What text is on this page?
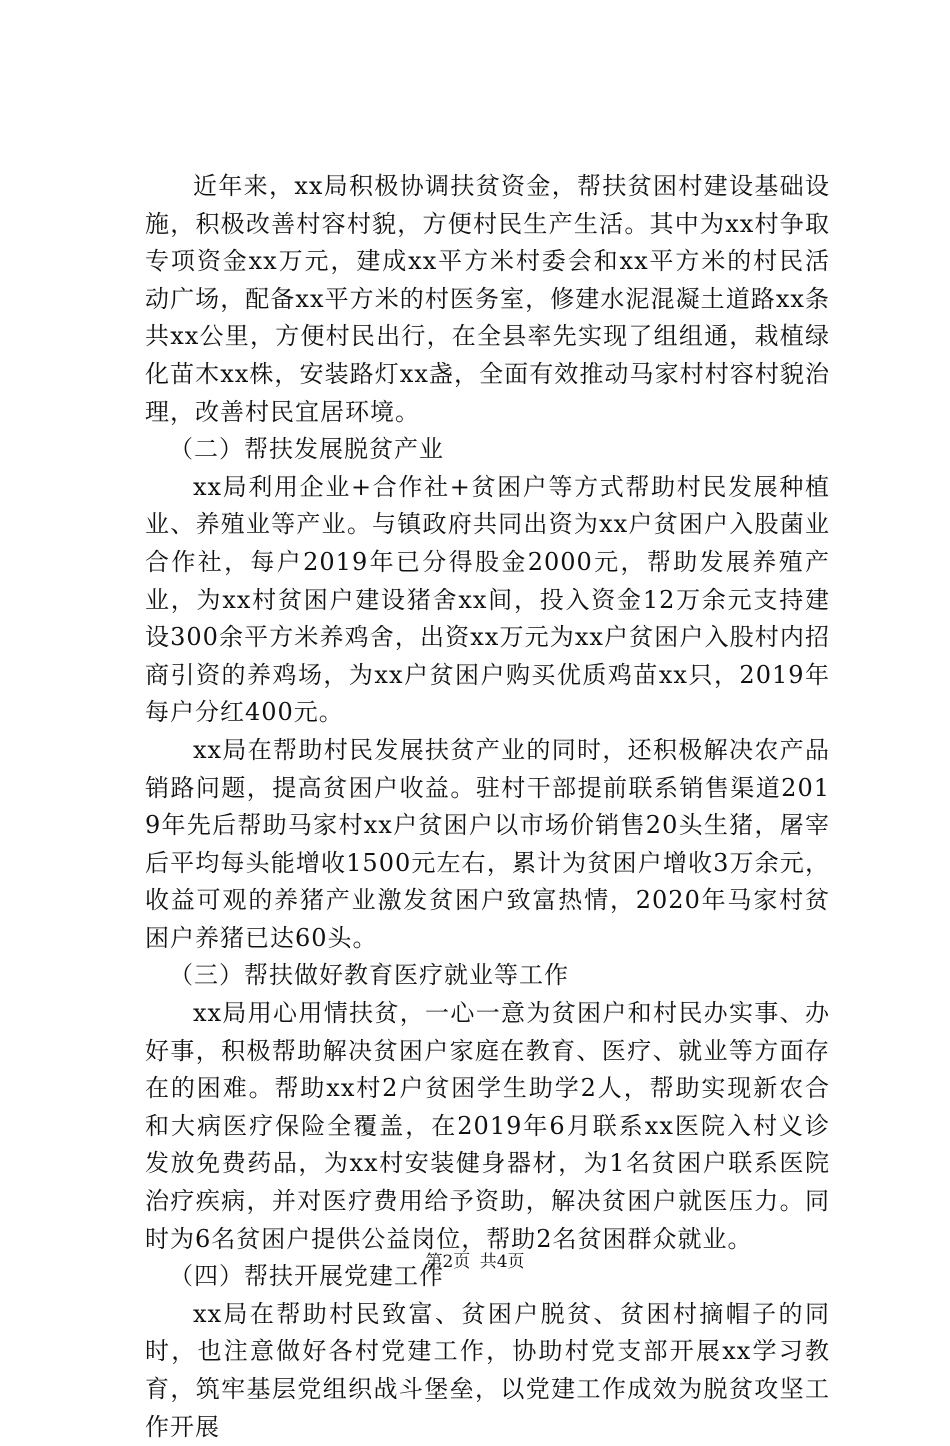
近年来，xx局积极协调扶贫资金，帮扶贫困村建设基础设施，积极改善村容村貌，方便村民生产生活。其中为xx村争取专项资金xx万元，建成xx平方米村委会和xx平方米的村民活动广场，配备xx平方米的村医务室，修建水泥混凝土道路xx条共xx公里，方便村民出行，在全县率先实现了组组通，栽植绿化苗木xx株，安装路灯xx盏，全面有效推动马家村村容村貌治理，改善村民宜居环境。

（二）帮扶发展脱贫产业

xx局利用企业+合作社+贫困户等方式帮助村民发展种植业、养殖业等产业。与镇政府共同出资为xx户贫困户入股菌业合作社，每户2019年已分得股金2000元，帮助发展养殖产业，为xx村贫困户建设猪舍xx间，投入资金12万余元支持建设300余平方米养鸡舍，出资xx万元为xx户贫困户入股村内招商引资的养鸡场，为xx户贫困户购买优质鸡苗xx只，2019年每户分红400元。

xx局在帮助村民发展扶贫产业的同时，还积极解决农产品销路问题，提高贫困户收益。驻村干部提前联系销售渠道2019年先后帮助马家村xx户贫困户以市场价销售20头生猪，屠宰后平均每头能增收1500元左右，累计为贫困户增收3万余元，收益可观的养猪产业激发贫困户致富热情，2020年马家村贫困户养猪已达60头。

（三）帮扶做好教育医疗就业等工作

xx局用心用情扶贫，一心一意为贫困户和村民办实事、办好事，积极帮助解决贫困户家庭在教育、医疗、就业等方面存在的困难。帮助xx村2户贫困学生助学2人，帮助实现新农合和大病医疗保险全覆盖，在2019年6月联系xx医院入村义诊发放免费药品，为xx村安装健身器材，为1名贫困户联系医院治疗疾病，并对医疗费用给予资助，解决贫困户就医压力。同时为6名贫困户提供公益岗位，帮助2名贫困群众就业。

（四）帮扶开展党建工作

xx局在帮助村民致富、贫困户脱贫、贫困村摘帽子的同时，也注意做好各村党建工作，协助村党支部开展xx学习教育，筑牢基层党组织战斗堡垒，以党建工作成效为脱贫攻坚工作开展

第2页 共4页
